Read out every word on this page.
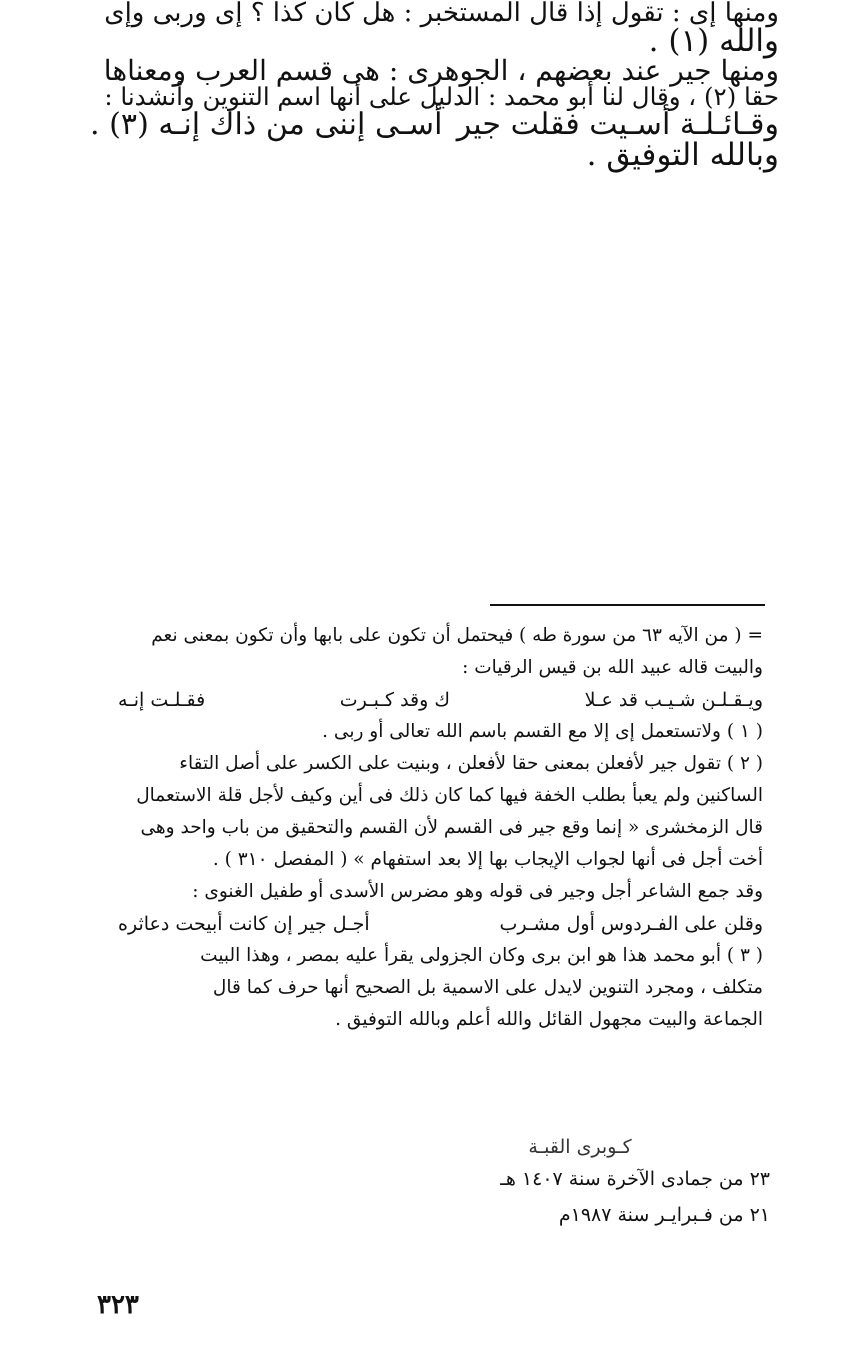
ومنها إى : تقول إذا قال المستخبر : هل كان كذا ؟ إى وربى وإى

والله (١) .

ومنها جير عند بعضهم ، الجوهرى : هى قسم العرب ومعناها

حقا (٢) ، وقال لنا أبو محمد : الدليل على أنها اسم التنوين وأنشدنا :

وقـائـلـة أسـيت فقلت جير
أسـى إننى من ذاك إنـه (٣) .

وبالله التوفيق .

= ( من الآيه ٦٣ من سورة طه ) فيحتمل أن تكون على بابها وأن تكون بمعنى نعم

والبيت قاله عبيد الله بن قيس الرقيات :

ويـقـلـن شـيـب قد عـلا
ك وقد كـبـرت
فقـلـت إنـه

( ١ ) ولاتستعمل إى إلا مع القسم باسم الله تعالى أو ربى .

( ٢ ) تقول جير لأفعلن بمعنى حقا لأفعلن ، وبنيت على الكسر على أصل التقاء

الساكنين ولم يعبأ بطلب الخفة فيها كما كان ذلك فى أين وكيف لأجل قلة الاستعمال

قال الزمخشرى « إنما وقع جير فى القسم لأن القسم والتحقيق من باب واحد وهى

أخت أجل فى أنها لجواب الإيجاب بها إلا بعد استفهام » ( المفصل ٣١٠ ) .

وقد جمع الشاعر أجل وجير فى قوله وهو مضرس الأسدى أو طفيل الغنوى :

وقلن على الفـردوس أول مشـرب
أجـل جير إن كانت أبيحت دعاثره

( ٣ ) أبو محمد هذا هو ابن برى وكان الجزولى يقرأ عليه بمصر ، وهذا البيت

متكلف ، ومجرد التنوين لايدل على الاسمية بل الصحيح أنها حرف كما قال

الجماعة والبيت مجهول القائل والله أعلم وبالله التوفيق .

كـوبرى القبـة
٢٣ من جمادى الآخرة سنة ١٤٠٧ هـ
٢١ من فـبرايـر سنة ١٩٨٧م
٣٢٣
